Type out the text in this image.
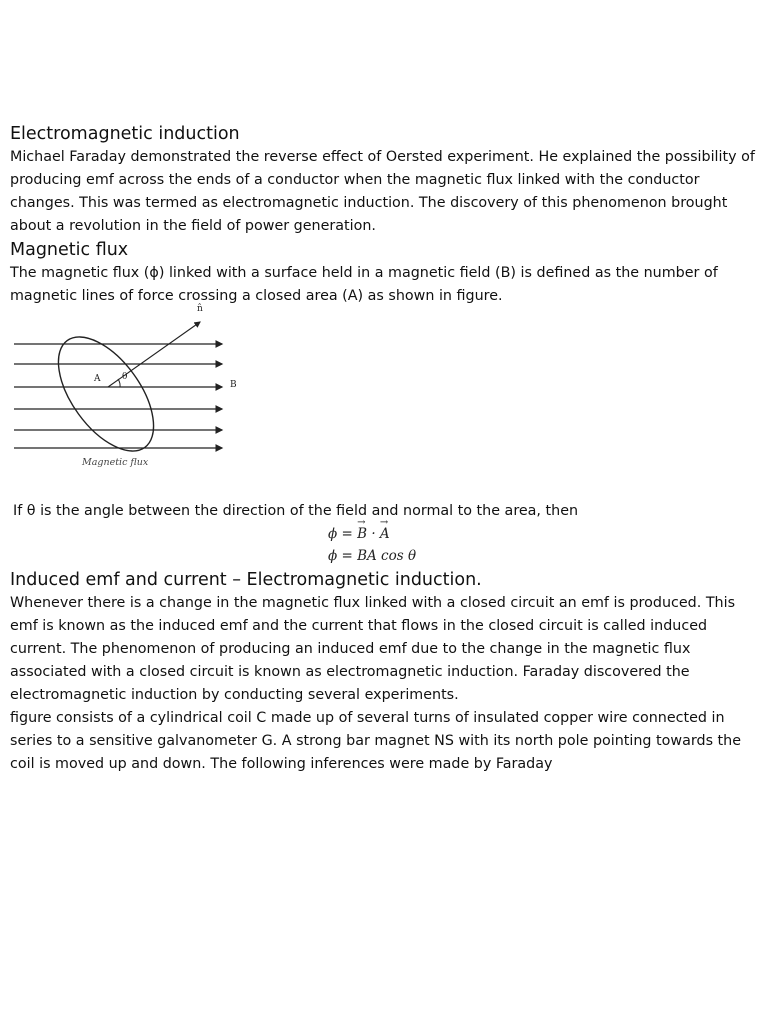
Electromagnetic induction

Michael Faraday demonstrated the reverse effect of Oersted experiment. He explained the possibility of producing emf across the ends of a conductor when the magnetic flux linked with the conductor changes. This was termed as electromagnetic induction. The discovery of this phenomenon brought about a revolution in the field of power generation.

Magnetic flux

The magnetic flux (ϕ) linked with a surface held in a magnetic field (B) is defined as the number of magnetic lines of force crossing a closed area (A) as shown in figure.

n̂
A θ
B
Magnetic flux

If θ is the angle between the direction of the field and normal to the area, then

ϕ = → B · → A
ϕ = BA cos θ
Induced emf and current – Electromagnetic induction.

Whenever there is a change in the magnetic flux linked with a closed circuit an emf is produced. This emf is known as the induced emf and the current that flows in the closed circuit is called induced current. The phenomenon of producing an induced emf due to the change in the magnetic flux associated with a closed circuit is known as electromagnetic induction. Faraday discovered the electromagnetic induction by conducting several experiments.

figure consists of a cylindrical coil C made up of several turns of insulated copper wire connected in series to a sensitive galvanometer G. A strong bar magnet NS with its north pole pointing towards the coil is moved up and down. The following inferences were made by Faraday
